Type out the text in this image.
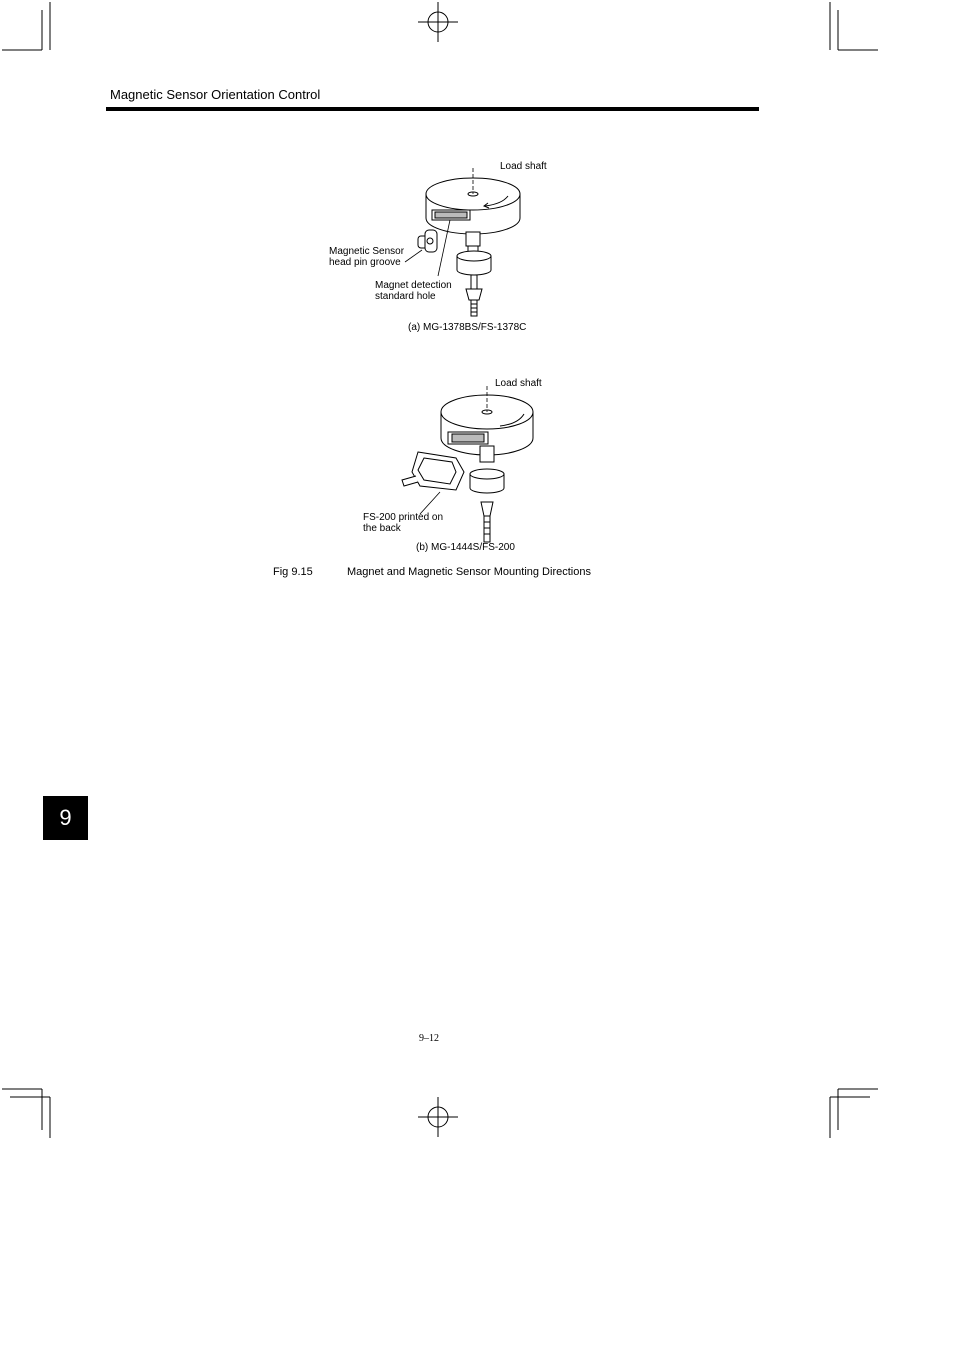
Magnetic Sensor Orientation Control
Load shaft
Magnetic Sensor
head pin groove
Magnet detection
standard hole
(a) MG-1378BS/FS-1378C
Load shaft
FS-200 printed on
the back
(b) MG-1444S/FS-200
Fig 9.15	Magnet and Magnetic Sensor Mounting Directions
9
9–12
